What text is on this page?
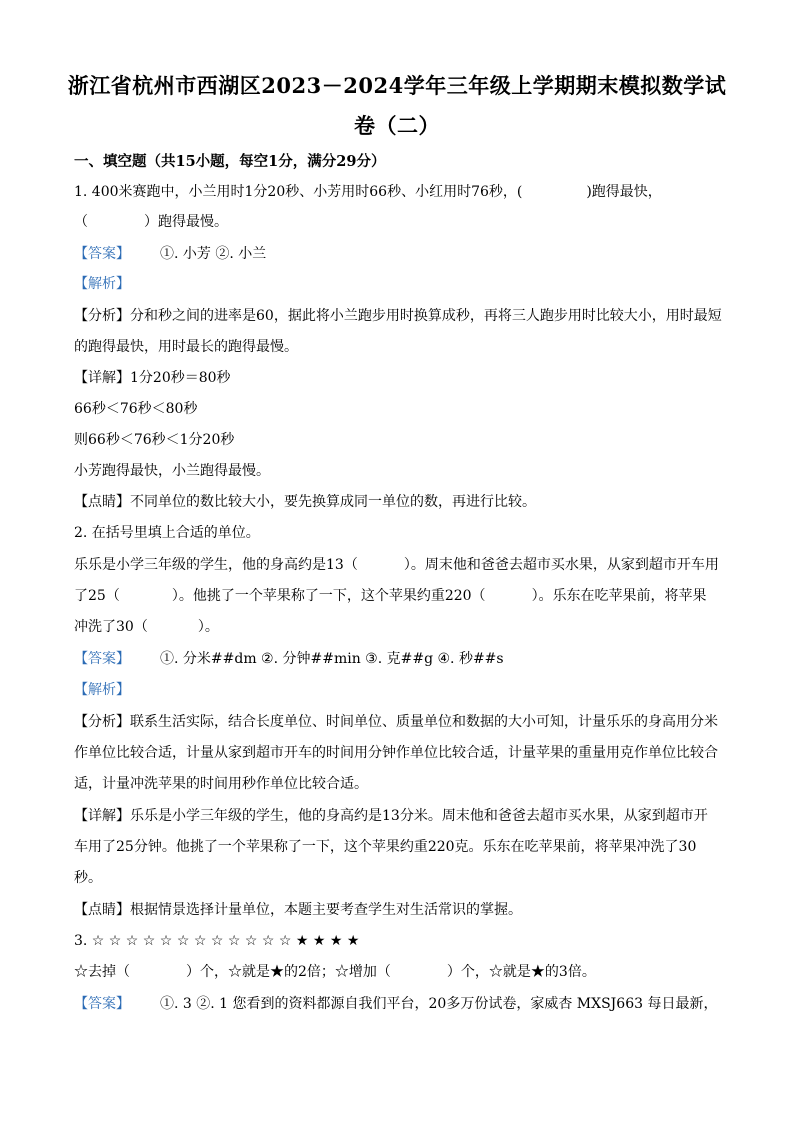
浙江省杭州市西湖区2023－2024学年三年级上学期期末模拟数学试
卷（二）
一、填空题（共15小题，每空1分，满分29分）
1. 400米赛跑中，小兰用时1分20秒、小芳用时66秒、小红用时76秒，(	)跑得最快，
（	）跑得最慢。
【答案】 ①. 小芳 ②. 小兰
【解析】
【分析】分和秒之间的进率是60，据此将小兰跑步用时换算成秒，再将三人跑步用时比较大小，用时最短
的跑得最快，用时最长的跑得最慢。
【详解】1分20秒＝80秒
66秒＜76秒＜80秒
则66秒＜76秒＜1分20秒
小芳跑得最快，小兰跑得最慢。
【点睛】不同单位的数比较大小，要先换算成同一单位的数，再进行比较。
2. 在括号里填上合适的单位。
乐乐是小学三年级的学生，他的身高约是13（	）。周末他和爸爸去超市买水果，从家到超市开车用
了25（	）。他挑了一个苹果称了一下，这个苹果约重220（	）。乐东在吃苹果前，将苹果
冲洗了30（	）。
【答案】 ①. 分米##dm ②. 分钟##min ③. 克##g ④. 秒##s
【解析】
【分析】联系生活实际，结合长度单位、时间单位、质量单位和数据的大小可知，计量乐乐的身高用分米
作单位比较合适，计量从家到超市开车的时间用分钟作单位比较合适，计量苹果的重量用克作单位比较合
适，计量冲洗苹果的时间用秒作单位比较合适。
【详解】乐乐是小学三年级的学生，他的身高约是13分米。周末他和爸爸去超市买水果，从家到超市开
车用了25分钟。他挑了一个苹果称了一下，这个苹果约重220克。乐东在吃苹果前，将苹果冲洗了30
秒。
【点睛】根据情景选择计量单位，本题主要考查学生对生活常识的掌握。
3. ☆ ☆ ☆ ☆ ☆ ☆ ☆ ☆ ☆ ☆ ☆ ☆ ★ ★ ★ ★
☆去掉（	）个，☆就是★的2倍；☆增加（	）个，☆就是★的3倍。
【答案】 ①. 3 ②. 1 您看到的资料都源自我们平台，20多万份试卷，家威杏 MXSJ663 每日最新，
